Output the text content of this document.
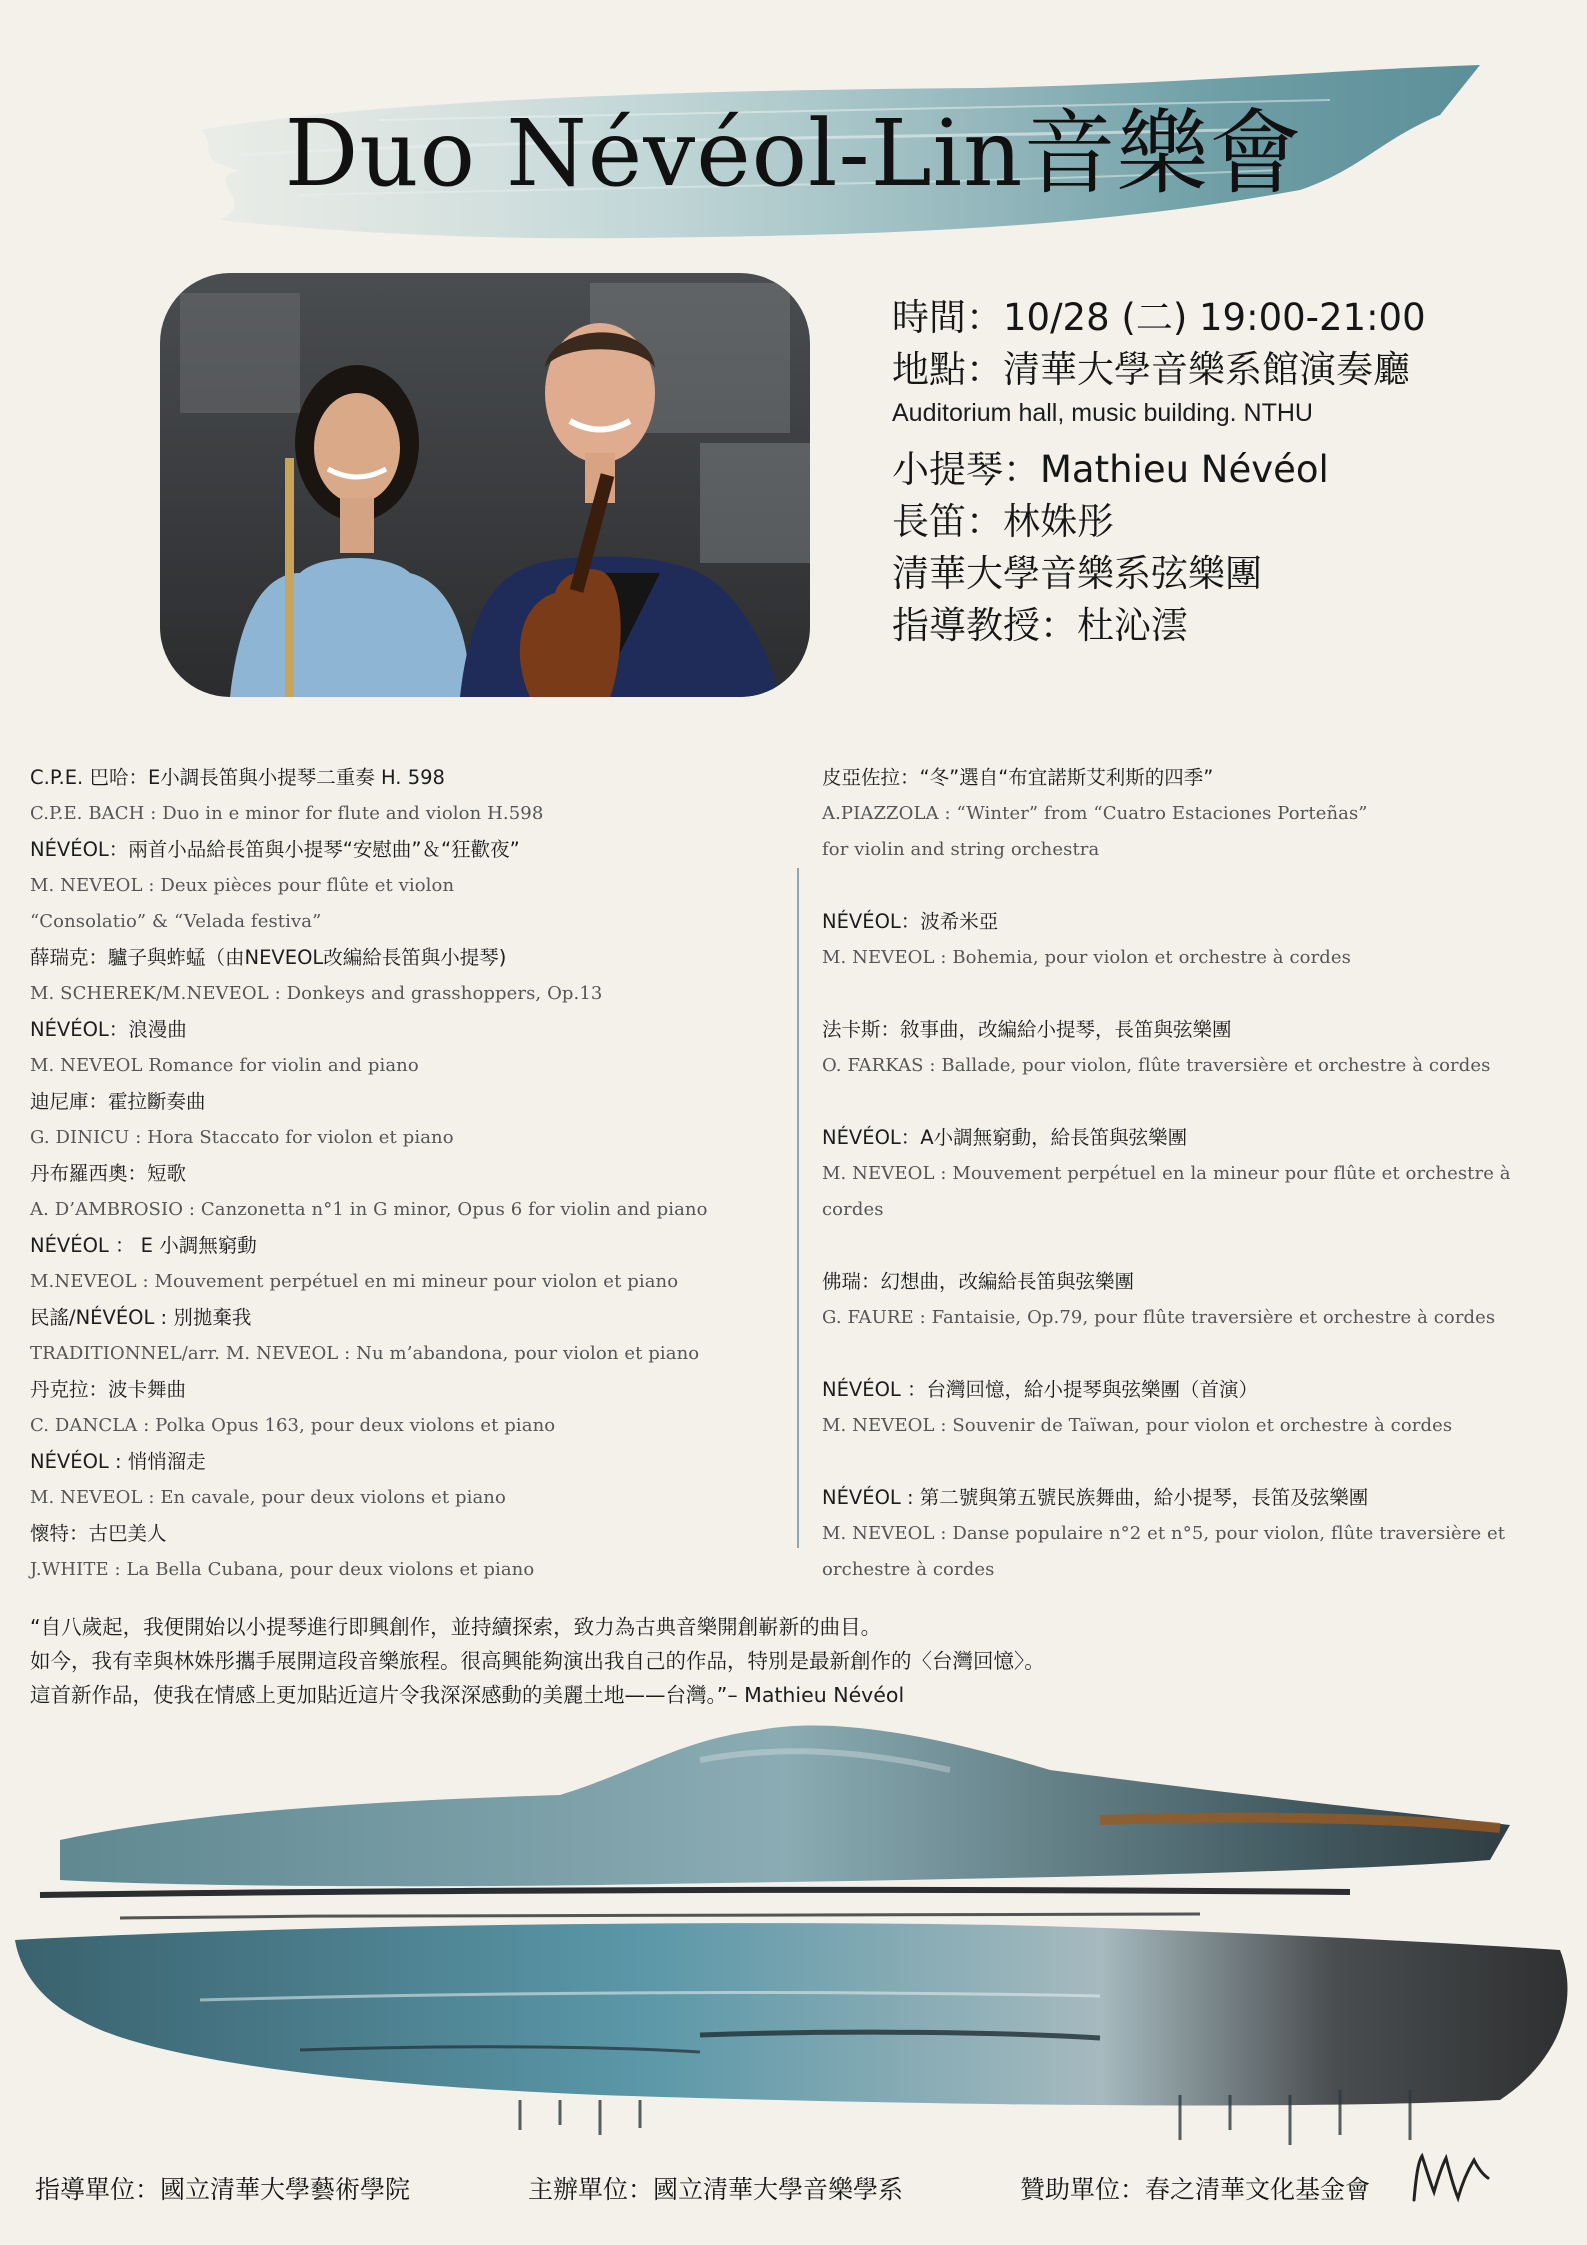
Duo Névéol-Lin音樂會
時間：10/28 (二) 19:00-21:00
地點：清華大學音樂系館演奏廳
Auditorium hall, music building. NTHU
小提琴：Mathieu Névéol
長笛：林姝彤
清華大學音樂系弦樂團
指導教授：杜沁澐
C.P.E. 巴哈：E小調長笛與小提琴二重奏 H. 598
C.P.E. BACH : Duo in e minor for flute and violon H.598
NÉVÉOL：兩首小品給長笛與小提琴“安慰曲”＆“狂歡夜”
M. NEVEOL : Deux pièces pour flûte et violon
“Consolatio” & “Velada festiva”
薛瑞克：驢子與蚱蜢（由NEVEOL改編給長笛與小提琴)
M. SCHEREK/M.NEVEOL : Donkeys and grasshoppers, Op.13
NÉVÉOL：浪漫曲
M. NEVEOL Romance for violin and piano
迪尼庫：霍拉斷奏曲
G. DINICU : Hora Staccato for violon et piano
丹布羅西奧：短歌
A. D’AMBROSIO : Canzonetta n°1 in G minor, Opus 6 for violin and piano
NÉVÉOL ： E 小調無窮動
M.NEVEOL : Mouvement perpétuel en mi mineur pour violon et piano
民謠/NÉVÉOL : 別拋棄我
TRADITIONNEL/arr. M. NEVEOL : Nu m’abandona, pour violon et piano
丹克拉：波卡舞曲
C. DANCLA : Polka Opus 163, pour deux violons et piano
NÉVÉOL : 悄悄溜走
M. NEVEOL : En cavale, pour deux violons et piano
懷特：古巴美人
J.WHITE : La Bella Cubana, pour deux violons et piano
皮亞佐拉：“冬”選自“布宜諾斯艾利斯的四季”
A.PIAZZOLA : “Winter” from “Cuatro Estaciones Porteñas”
for violin and string orchestra
NÉVÉOL：波希米亞
M. NEVEOL : Bohemia, pour violon et orchestre à cordes
法卡斯：敘事曲，改編給小提琴，長笛與弦樂團
O. FARKAS : Ballade, pour violon, flûte traversière et orchestre à cordes
NÉVÉOL：A小調無窮動，給長笛與弦樂團
M. NEVEOL : Mouvement perpétuel en la mineur pour flûte et orchestre à
cordes
佛瑞：幻想曲，改編給長笛與弦樂團
G. FAURE : Fantaisie, Op.79, pour flûte traversière et orchestre à cordes
NÉVÉOL ：台灣回憶，給小提琴與弦樂團（首演）
M. NEVEOL : Souvenir de Taïwan, pour violon et orchestre à cordes
NÉVÉOL : 第二號與第五號民族舞曲，給小提琴，長笛及弦樂團
M. NEVEOL : Danse populaire n°2 et n°5, pour violon, flûte traversière et
orchestre à cordes
“自八歲起，我便開始以小提琴進行即興創作，並持續探索，致力為古典音樂開創嶄新的曲目。
如今，我有幸與林姝彤攜手展開這段音樂旅程。很高興能夠演出我自己的作品，特別是最新創作的〈台灣回憶〉。
這首新作品，使我在情感上更加貼近這片令我深深感動的美麗土地——台灣。”– Mathieu Névéol
指導單位：國立清華大學藝術學院	主辦單位：國立清華大學音樂學系	贊助單位：春之清華文化基金會
